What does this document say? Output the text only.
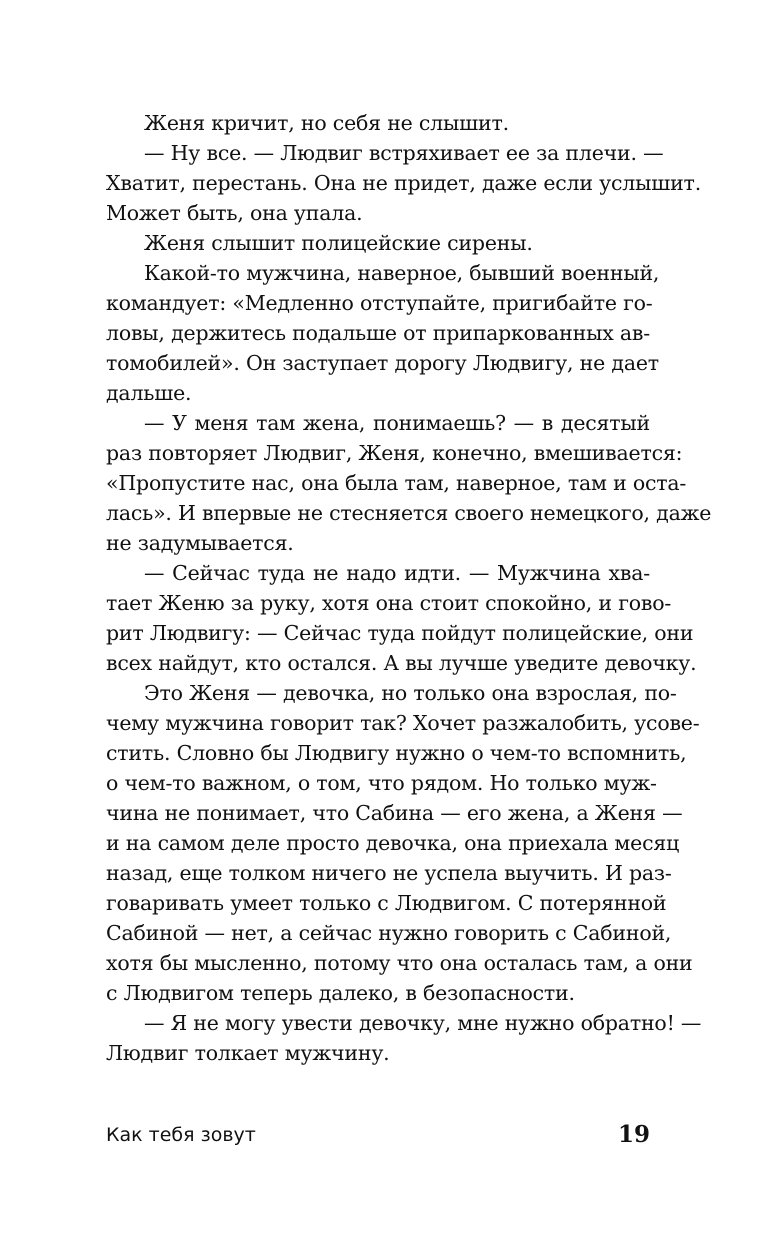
Женя кричит, но себя не слышит.
— Ну все. — Людвиг встряхивает ее за плечи. —
Хватит, перестань. Она не придет, даже если услышит.
Может быть, она упала.
Женя слышит полицейские сирены.
Какой-то мужчина, наверное, бывший военный,
командует: «Медленно отступайте, пригибайте го-
ловы, держитесь подальше от припаркованных ав-
томобилей». Он заступает дорогу Людвигу, не дает
дальше.
— У меня там жена, понимаешь? — в десятый
раз повторяет Людвиг, Женя, конечно, вмешивается:
«Пропустите нас, она была там, наверное, там и оста-
лась». И впервые не стесняется своего немецкого, даже
не задумывается.
— Сейчас туда не надо идти. — Мужчина хва-
тает Женю за руку, хотя она стоит спокойно, и гово-
рит Людвигу: — Сейчас туда пойдут полицейские, они
всех найдут, кто остался. А вы лучше уведите девочку.
Это Женя — девочка, но только она взрослая, по-
чему мужчина говорит так? Хочет разжалобить, усове-
стить. Словно бы Людвигу нужно о чем-то вспомнить,
о чем-то важном, о том, что рядом. Но только муж-
чина не понимает, что Сабина — его жена, а Женя —
и на самом деле просто девочка, она приехала месяц
назад, еще толком ничего не успела выучить. И раз-
говаривать умеет только с Людвигом. С потерянной
Сабиной — нет, а сейчас нужно говорить с Сабиной,
хотя бы мысленно, потому что она осталась там, а они
с Людвигом теперь далеко, в безопасности.
— Я не могу увести девочку, мне нужно обратно! —
Людвиг толкает мужчину.
Как тебя зовут	19
